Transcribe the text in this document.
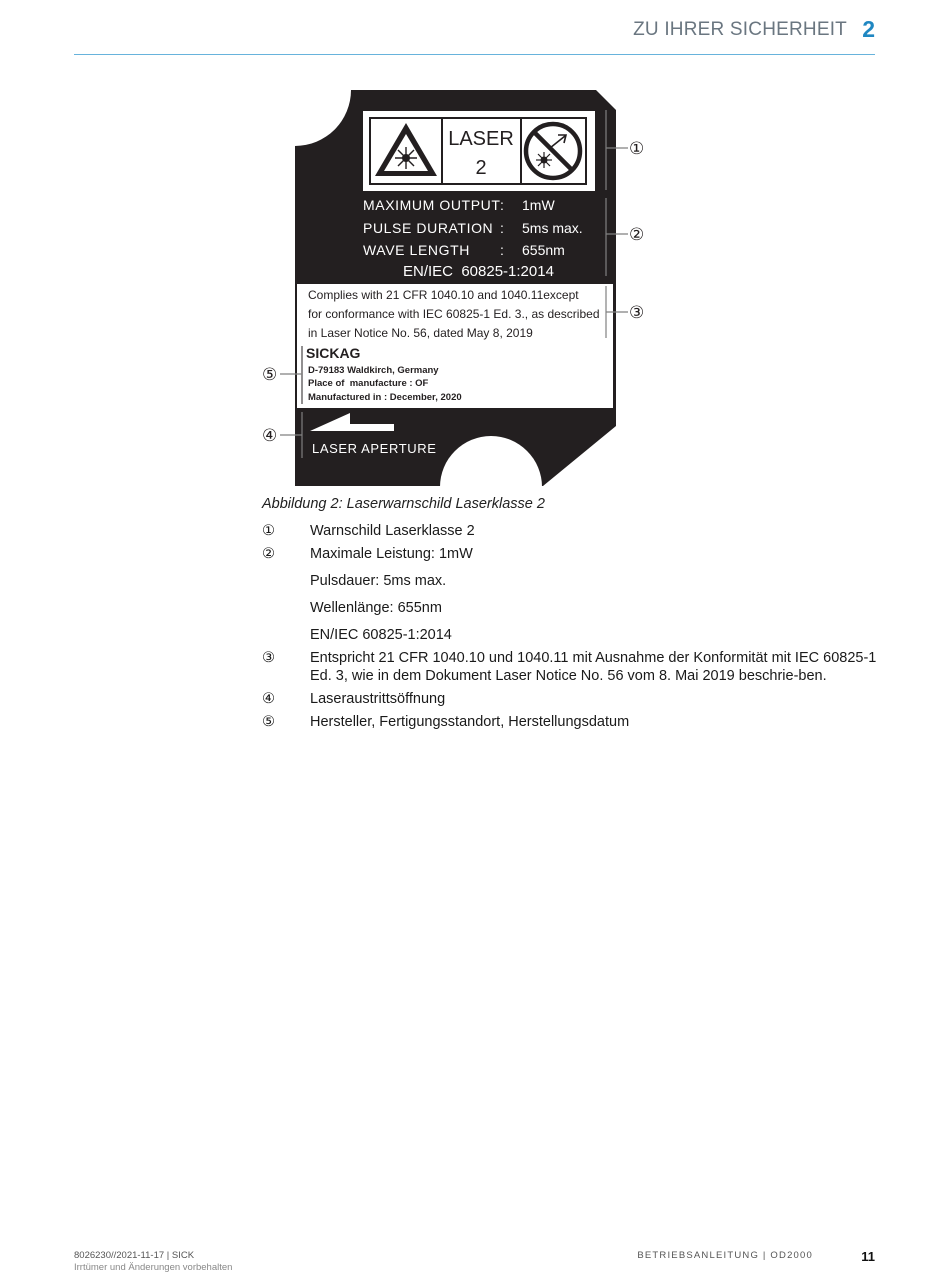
ZU IHRER SICHERHEIT 2
LASER
2
MAXIMUM OUTPUT : 1mW
PULSE DURATION : 5ms max.
WAVE LENGTH : 655nm
EN/IEC  60825-1:2014
Complies with 21 CFR 1040.10 and 1040.11except
for conformance with IEC 60825-1 Ed. 3., as described
in Laser Notice No. 56, dated May 8, 2019
SICKAG
D-79183 Waldkirch, Germany
Place of  manufacture : OF
Manufactured in : December, 2020
LASER APERTURE
①
②
③
⑤
④
Abbildung 2: Laserwarnschild Laserklasse 2
① Warnschild Laserklasse 2
② Maximale Leistung: 1mW
Pulsdauer: 5ms max.
Wellenlänge: 655nm
EN/IEC 60825-1:2014
③ Entspricht 21 CFR 1040.10 und 1040.11 mit Ausnahme der Konformität mit IEC 60825-1 Ed. 3, wie in dem Dokument Laser Notice No. 56 vom 8. Mai 2019 beschrie-ben.
④ Laseraustrittsöffnung
⑤ Hersteller, Fertigungsstandort, Herstellungsdatum
8026230//2021-11-17 | SICK
Irrtümer und Änderungen vorbehalten
BETRIEBSANLEITUNG | OD2000	11
